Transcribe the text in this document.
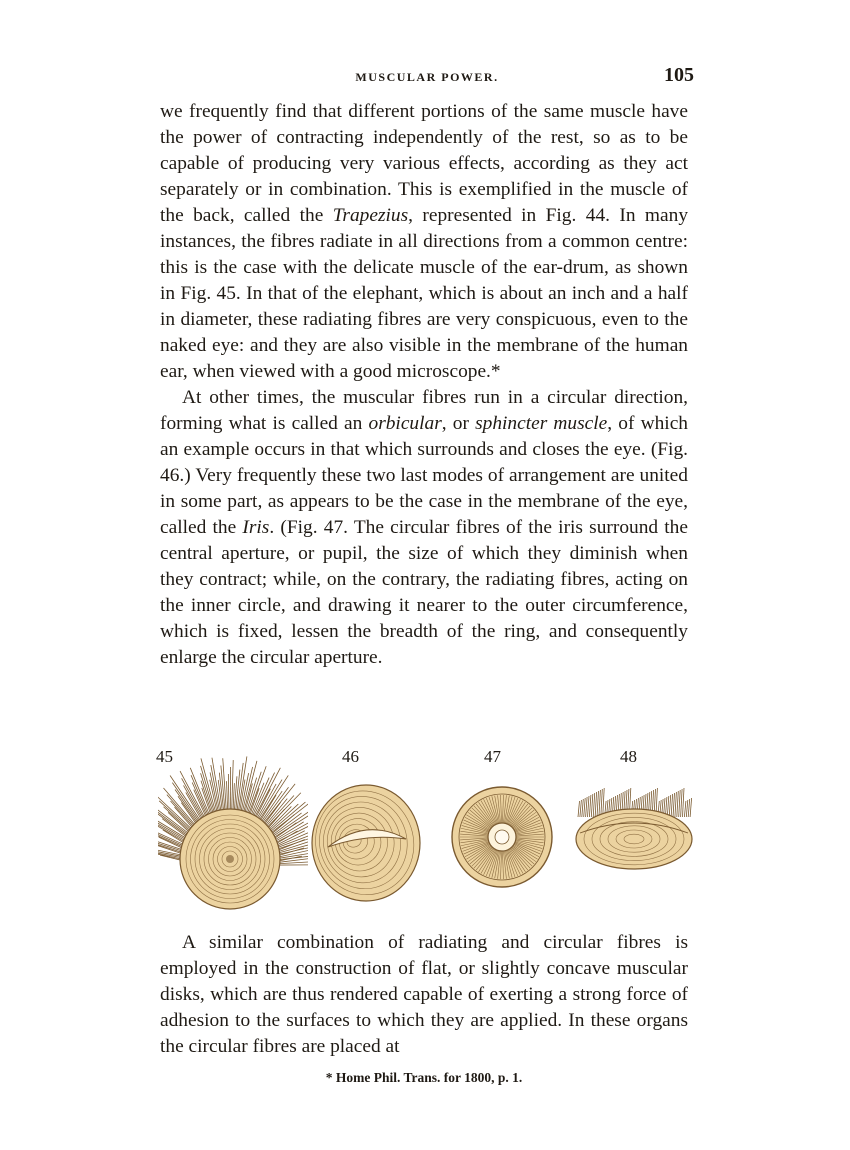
MUSCULAR POWER.	105

we frequently find that different portions of the same muscle have the power of contracting independently of the rest, so as to be capable of producing very various effects, according as they act separately or in combination. This is exemplified in the muscle of the back, called the Trapezius, represented in Fig. 44. In many instances, the fibres radiate in all directions from a common centre: this is the case with the delicate muscle of the ear-drum, as shown in Fig. 45. In that of the elephant, which is about an inch and a half in diameter, these radiating fibres are very conspicuous, even to the naked eye: and they are also visible in the membrane of the human ear, when viewed with a good microscope.*

At other times, the muscular fibres run in a circular direction, forming what is called an orbicular, or sphincter muscle, of which an example occurs in that which surrounds and closes the eye. (Fig. 46.) Very frequently these two last modes of arrangement are united in some part, as appears to be the case in the membrane of the eye, called the Iris. (Fig. 47. The circular fibres of the iris surround the central aperture, or pupil, the size of which they diminish when they contract; while, on the contrary, the radiating fibres, acting on the inner circle, and drawing it nearer to the outer circumference, which is fixed, lessen the breadth of the ring, and consequently enlarge the circular aperture.

45	46	47	48

A similar combination of radiating and circular fibres is employed in the construction of flat, or slightly concave muscular disks, which are thus rendered capable of exerting a strong force of adhesion to the surfaces to which they are applied. In these organs the circular fibres are placed at

* Home Phil. Trans. for 1800, p. 1.
